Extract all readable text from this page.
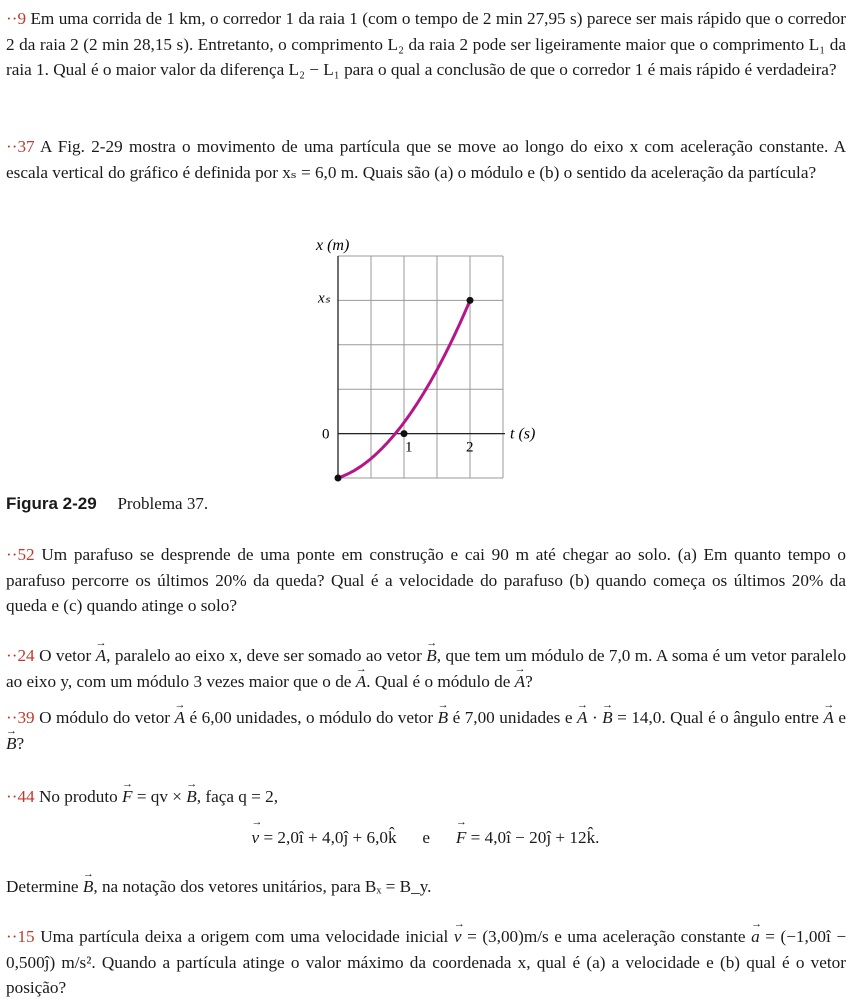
··9 Em uma corrida de 1 km, o corredor 1 da raia 1 (com o tempo de 2 min 27,95 s) parece ser mais rápido que o corredor 2 da raia 2 (2 min 28,15 s). Entretanto, o comprimento L₂ da raia 2 pode ser ligeiramente maior que o comprimento L₁ da raia 1. Qual é o maior valor da diferença L₂ − L₁ para o qual a conclusão de que o corredor 1 é mais rápido é verdadeira?
··37 A Fig. 2-29 mostra o movimento de uma partícula que se move ao longo do eixo x com aceleração constante. A escala vertical do gráfico é definida por xₛ = 6,0 m. Quais são (a) o módulo e (b) o sentido da aceleração da partícula?
x (m)
t (s)
0
xₛ
1	2
Figura 2-29 Problema 37.
··52 Um parafuso se desprende de uma ponte em construção e cai 90 m até chegar ao solo. (a) Em quanto tempo o parafuso percorre os últimos 20% da queda? Qual é a velocidade do parafuso (b) quando começa os últimos 20% da queda e (c) quando atinge o solo?
··24 O vetor → A, paralelo ao eixo x, deve ser somado ao vetor → B, que tem um módulo de 7,0 m. A soma é um vetor paralelo ao eixo y, com um módulo 3 vezes maior que o de → A. Qual é o módulo de → A?
··39 O módulo do vetor → A é 6,00 unidades, o módulo do vetor → B é 7,00 unidades e → A · → B = 14,0. Qual é o ângulo entre → A e → B?
··44 No produto → F = qv × → B, faça q = 2,
→ v = 2,0î + 4,0ĵ + 6,0k̂ e → F = 4,0î − 20ĵ + 12k̂.
Determine → B, na notação dos vetores unitários, para Bₓ = B_y.
··15 Uma partícula deixa a origem com uma velocidade inicial → v = (3,00)m/s e uma aceleração constante → a = (−1,00î − 0,500ĵ) m/s². Quando a partícula atinge o valor máximo da coordenada x, qual é (a) a velocidade e (b) qual é o vetor posição?
